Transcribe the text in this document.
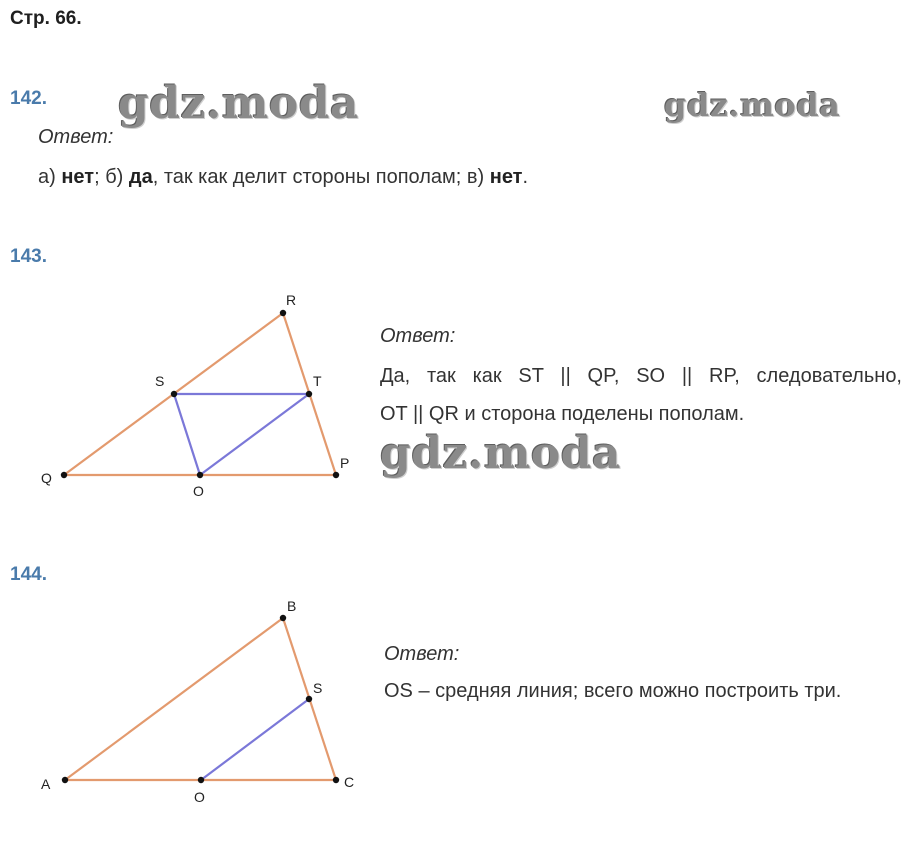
Стр. 66.
142. gdz.moda	gdz.moda
Ответ:
а) нет; б) да, так как делит стороны пополам; в) нет.
143.
R
S	T
Q
O
P
Ответ:
Да, так как ST || QP, SO || RP, следовательно,
OT || QR и сторона поделены пополам.
gdz.moda
144.
B
S
A
O
C
Ответ:
OS – средняя линия; всего можно построить три.
